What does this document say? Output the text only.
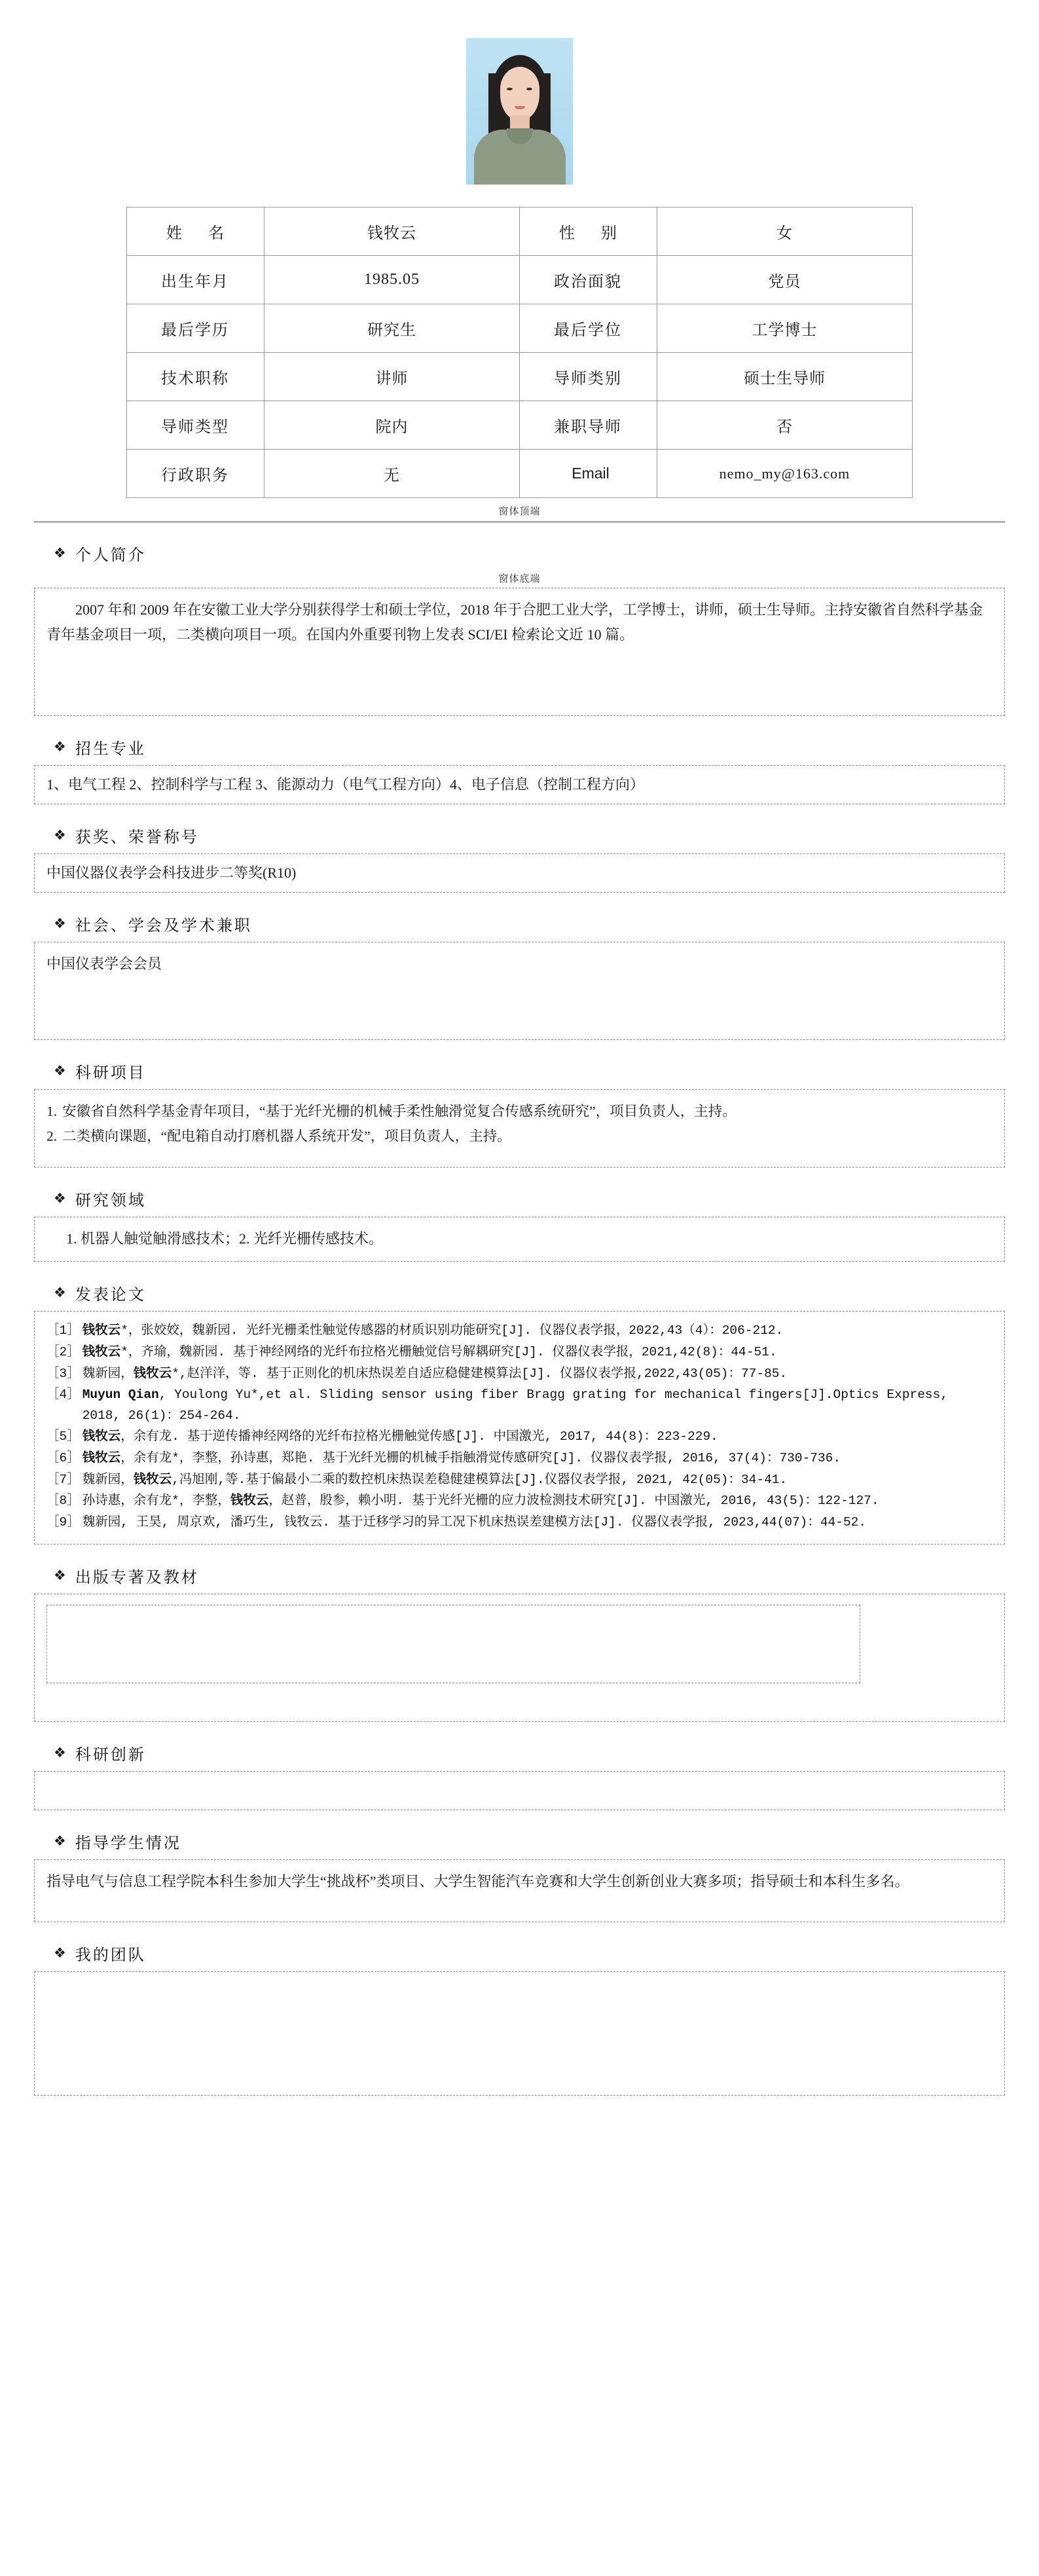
姓　名	钱牧云	性　别	女
出生年月	1985.05	政治面貌	党员
最后学历	研究生	最后学位	工学博士
技术职称	讲师	导师类别	硕士生导师
导师类型	院内	兼职导师	否
行政职务	无	Email	nemo_my@163.com
窗体顶端
❖ 个人简介
窗体底端
2007 年和 2009 年在安徽工业大学分别获得学士和硕士学位，2018 年于合肥工业大学，工学博士，讲师，硕士生导师。主持安徽省自然科学基金青年基金项目一项，二类横向项目一项。在国内外重要刊物上发表 SCI/EI 检索论文近 10 篇。
❖ 招生专业
1、电气工程 2、控制科学与工程 3、能源动力（电气工程方向）4、电子信息（控制工程方向）
❖ 获奖、荣誉称号
中国仪器仪表学会科技进步二等奖(R10)
❖ 社会、学会及学术兼职
中国仪表学会会员
❖ 科研项目
1. 安徽省自然科学基金青年项目，“基于光纤光栅的机械手柔性触滑觉复合传感系统研究”，项目负责人，主持。
2. 二类横向课题，“配电箱自动打磨机器人系统开发”，项目负责人，主持。
❖ 研究领域
1. 机器人触觉触滑感技术；2. 光纤光栅传感技术。
❖ 发表论文
［1］ 钱牧云*，张姣姣，魏新园. 光纤光栅柔性触觉传感器的材质识别功能研究[J]. 仪器仪表学报，2022,43（4）：206-212.
［2］ 钱牧云*，齐瑜，魏新园. 基于神经网络的光纤布拉格光栅触觉信号解耦研究[J]. 仪器仪表学报，2021,42(8)：44-51.
［3］ 魏新园，钱牧云*,赵洋洋，等. 基于正则化的机床热误差自适应稳健建模算法[J]. 仪器仪表学报,2022,43(05)：77-85.
［4］ Muyun Qian, Youlong Yu*,et al. Sliding sensor using fiber Bragg grating for mechanical fingers[J].Optics Express, 2018, 26(1)：254-264.
［5］ 钱牧云，余有龙. 基于逆传播神经网络的光纤布拉格光栅触觉传感[J]. 中国激光, 2017, 44(8)：223-229.
［6］ 钱牧云，余有龙*，李整，孙诗惠，郑艳. 基于光纤光栅的机械手指触滑觉传感研究[J]. 仪器仪表学报, 2016, 37(4)：730-736.
［7］ 魏新园，钱牧云,冯旭刚,等.基于偏最小二乘的数控机床热误差稳健建模算法[J].仪器仪表学报, 2021, 42(05)：34-41.
［8］ 孙诗惠，余有龙*，李整，钱牧云，赵普，殷参，赖小明. 基于光纤光栅的应力波检测技术研究[J]. 中国激光, 2016, 43(5)：122-127.
［9］ 魏新园, 王昊, 周京欢, 潘巧生, 钱牧云. 基于迁移学习的异工况下机床热误差建模方法[J]. 仪器仪表学报, 2023,44(07)：44-52.
❖ 出版专著及教材
❖ 科研创新
❖ 指导学生情况
指导电气与信息工程学院本科生参加大学生“挑战杯”类项目、大学生智能汽车竞赛和大学生创新创业大赛多项；指导硕士和本科生多名。
❖ 我的团队
